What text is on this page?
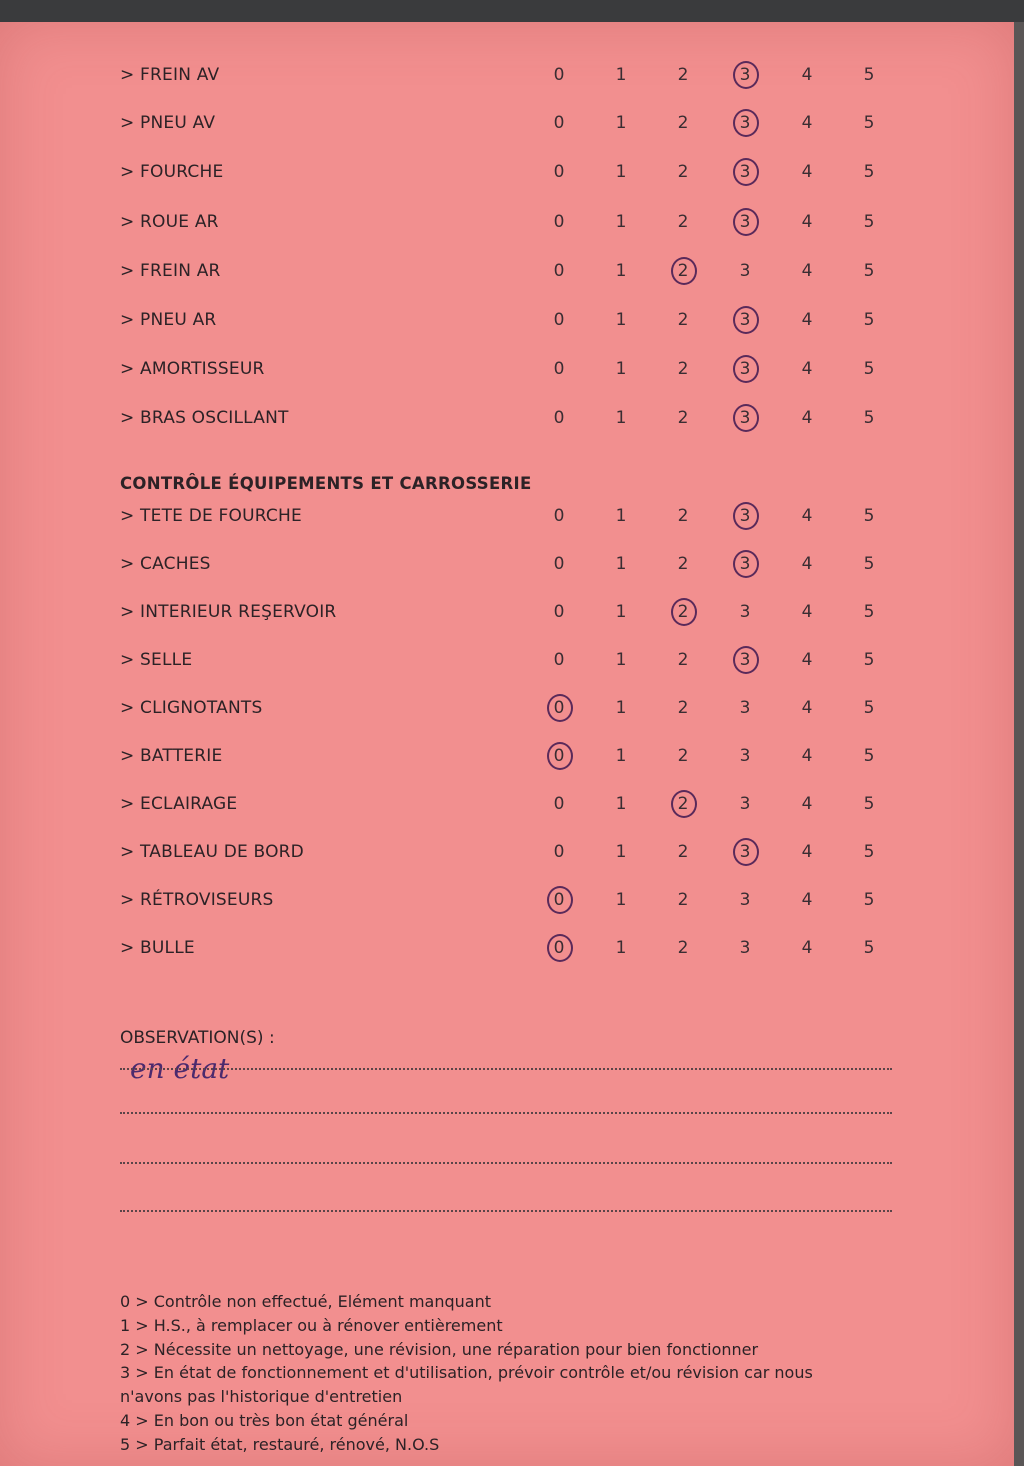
> FREIN AV	0	1	2	3	4	5
> PNEU AV	0	1	2	3	4	5
> FOURCHE	0	1	2	3	4	5
> ROUE AR	0	1	2	3	4	5
> FREIN AR	0	1	2	3	4	5
> PNEU AR	0	1	2	3	4	5
> AMORTISSEUR	0	1	2	3	4	5
> BRAS OSCILLANT	0	1	2	3	4	5
> TETE DE FOURCHE	0	1	2	3	4	5
> CACHES	0	1	2	3	4	5
> INTERIEUR REŞERVOIR	0	1	2	3	4	5
> SELLE	0	1	2	3	4	5
> CLIGNOTANTS	0	1	2	3	4	5
> BATTERIE	0	1	2	3	4	5
> ECLAIRAGE	0	1	2	3	4	5
> TABLEAU DE BORD	0	1	2	3	4	5
> RÉTROVISEURS	0	1	2	3	4	5
> BULLE	0	1	2	3	4	5
CONTRÔLE ÉQUIPEMENTS ET CARROSSERIE
OBSERVATION(S) :
en état
0 > Contrôle non effectué, Elément manquant
1 > H.S., à remplacer ou à rénover entièrement
2 > Nécessite un nettoyage, une révision, une réparation pour bien fonctionner
3 > En état de fonctionnement et d'utilisation, prévoir contrôle et/ou révision car nous
n'avons pas l'historique d'entretien
4 > En bon ou très bon état général
5 > Parfait état, restauré, rénové, N.O.S
